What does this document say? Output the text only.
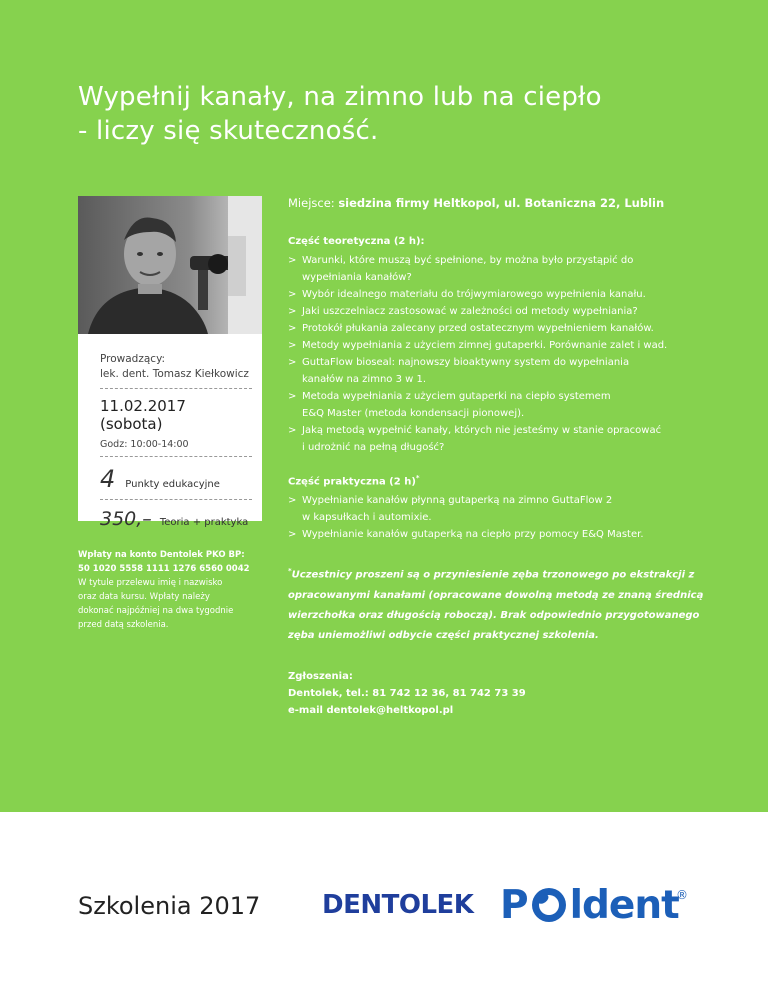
Wypełnij kanały, na zimno lub na ciepło
- liczy się skuteczność.
Prowadzący:
lek. dent. Tomasz Kiełkowicz
11.02.2017 (sobota)
Godz: 10:00-14:00
4 Punkty edukacyjne
350,– Teoria + praktyka
Wpłaty na konto Dentolek PKO BP:
50 1020 5558 1111 1276 6560 0042
W tytule przelewu imię i nazwisko
oraz data kursu. Wpłaty należy
dokonać najpóźniej na dwa tygodnie
przed datą szkolenia.
Miejsce: siedzina firmy Heltkopol, ul. Botaniczna 22, Lublin
Część teoretyczna (2 h):
> Warunki, które muszą być spełnione, by można było przystąpić do
wypełniania kanałów?
> Wybór idealnego materiału do trójwymiarowego wypełnienia kanału.
> Jaki uszczelniacz zastosować w zależności od metody wypełniania?
> Protokół płukania zalecany przed ostatecznym wypełnieniem kanałów.
> Metody wypełniania z użyciem zimnej gutaperki. Porównanie zalet i wad.
> GuttaFlow bioseal: najnowszy bioaktywny system do wypełniania
kanałów na zimno 3 w 1.
> Metoda wypełniania z użyciem gutaperki na ciepło systemem
E&Q Master (metoda kondensacji pionowej).
> Jaką metodą wypełnić kanały, których nie jesteśmy w stanie opracować
i udrożnić na pełną długość?
Część praktyczna (2 h)*
> Wypełnianie kanałów płynną gutaperką na zimno GuttaFlow 2
w kapsułkach i automixie.
> Wypełnianie kanałów gutaperką na ciepło przy pomocy E&Q Master.
*Uczestnicy proszeni są o przyniesienie zęba trzonowego po ekstrakcji z
opracowanymi kanałami (opracowane dowolną metodą ze znaną średnicą
wierzchołka oraz długością roboczą). Brak odpowiednio przygotowanego
zęba uniemożliwi odbycie części praktycznej szkolenia.
Zgłoszenia:
Dentolek, tel.: 81 742 12 36, 81 742 73 39
e-mail dentolek@heltkopol.pl
Szkolenia 2017 DENTOLEK P ldent
®
